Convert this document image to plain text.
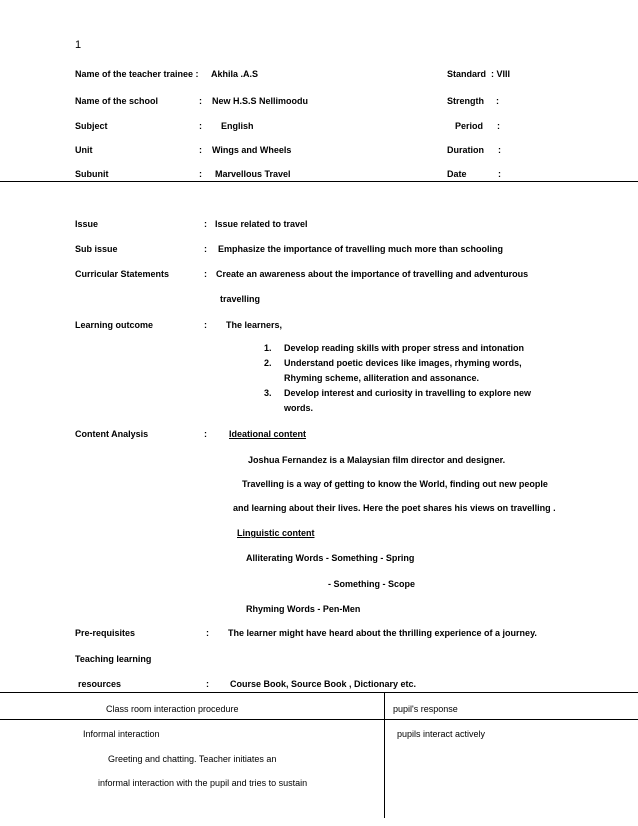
1
Name of the teacher trainee : Akhila .A.S	Standard : VIII
Name of the school	: New H.S.S Nellimoodu	Strength :
Subject	: English	Period :
Unit	: Wings and Wheels	Duration :
Subunit	: Marvellous Travel	Date	:
Issue	: Issue related to travel
Sub issue	: Emphasize the importance of travelling much more than schooling
Curricular Statements	: Create an awareness about the importance of travelling and adventurous
travelling
Learning outcome	: The learners,
1. Develop reading skills with proper stress and intonation
2. Understand poetic devices like images, rhyming words,
Rhyming scheme, alliteration and assonance.
3. Develop interest and curiosity in travelling to explore new
words.
Content Analysis	: Ideational content
Joshua Fernandez is a Malaysian film director and designer.
Travelling is a way of getting to know the World, finding out new people
and learning about their lives. Here the poet shares his views on travelling .
Linguistic content
Alliterating Words - Something - Spring
- Something - Scope
Rhyming Words - Pen-Men
Pre-requisites	: The learner might have heard about the thrilling experience of a journey.
Teaching learning
resources	: Course Book, Source Book , Dictionary etc.
Class room interaction procedure	pupil's response
Informal interaction	pupils interact actively
Greeting and chatting. Teacher initiates an
informal interaction with the pupil and tries to sustain
